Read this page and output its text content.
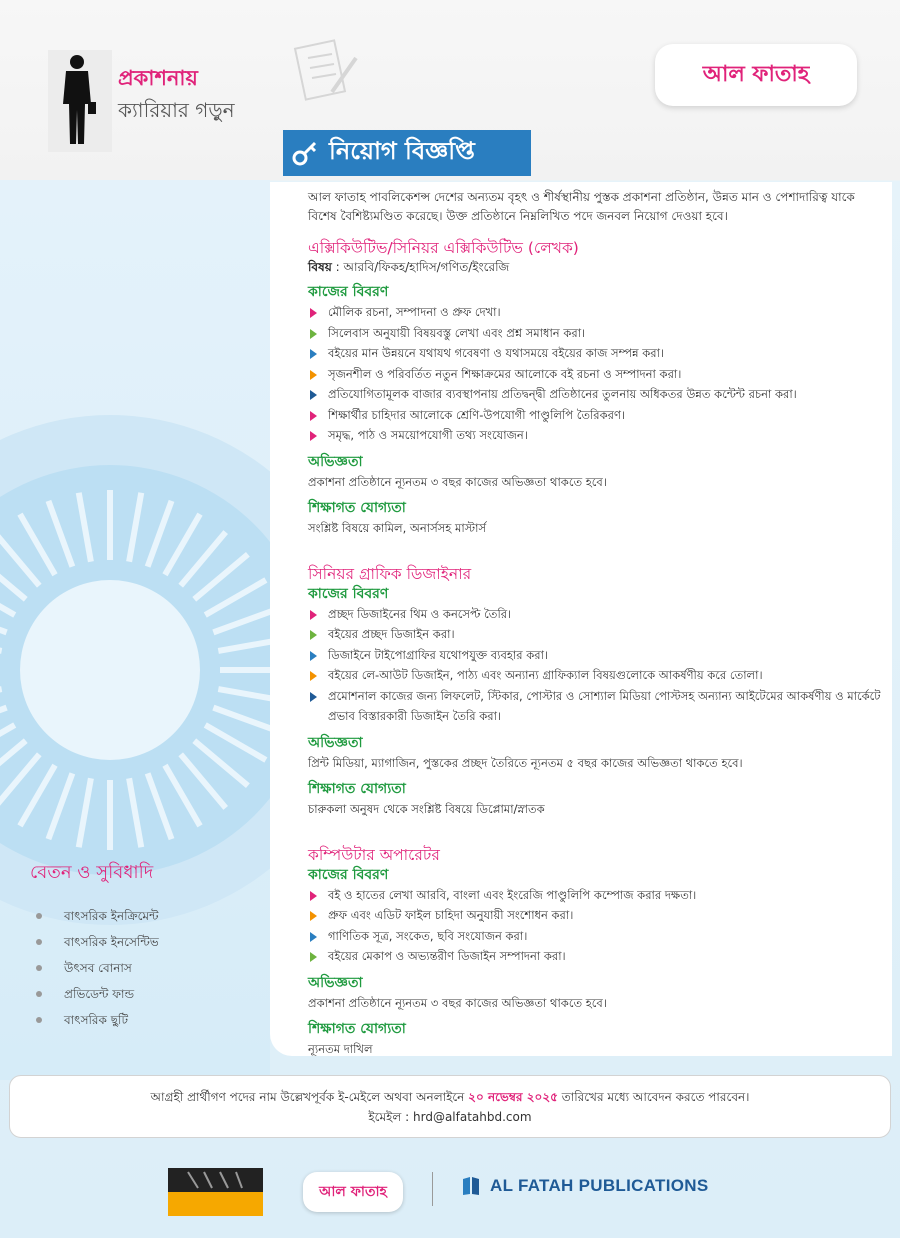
প্রকাশনায়
ক্যারিয়ার গড়ুন
আল ফাতাহ
নিয়োগ বিজ্ঞপ্তি

আল ফাতাহ পাবলিকেশন্স দেশের অন্যতম বৃহৎ ও শীর্ষস্থানীয় পুস্তক প্রকাশনা প্রতিষ্ঠান, উন্নত মান ও পেশাদারিত্ব যাকে বিশেষ বৈশিষ্ট্যমণ্ডিত করেছে। উক্ত প্রতিষ্ঠানে নিম্নলিখিত পদে জনবল নিয়োগ দেওয়া হবে।

এক্সিকিউটিভ/সিনিয়র এক্সিকিউটিভ (লেখক)
বিষয় : আরবি/ফিকহ/হাদিস/গণিত/ইংরেজি
কাজের বিবরণ
মৌলিক রচনা, সম্পাদনা ও প্রুফ দেখা।
সিলেবাস অনুযায়ী বিষয়বস্তু লেখা এবং প্রশ্ন সমাধান করা।
বইয়ের মান উন্নয়নে যথাযথ গবেষণা ও যথাসময়ে বইয়ের কাজ সম্পন্ন করা।
সৃজনশীল ও পরিবর্তিত নতুন শিক্ষাক্রমের আলোকে বই রচনা ও সম্পাদনা করা।
প্রতিযোগিতামূলক বাজার ব্যবস্থাপনায় প্রতিদ্বন্দ্বী প্রতিষ্ঠানের তুলনায় অধিকতর উন্নত কন্টেন্ট রচনা করা।
শিক্ষার্থীর চাহিদার আলোকে শ্রেণি-উপযোগী পাণ্ডুলিপি তৈরিকরণ।
সমৃদ্ধ, পাঠ ও সময়োপযোগী তথ্য সংযোজন।
অভিজ্ঞতা

প্রকাশনা প্রতিষ্ঠানে ন্যূনতম ৩ বছর কাজের অভিজ্ঞতা থাকতে হবে।

শিক্ষাগত যোগ্যতা

সংশ্লিষ্ট বিষয়ে কামিল, অনার্সসহ মাস্টার্স

সিনিয়র গ্রাফিক ডিজাইনার
কাজের বিবরণ
প্রচ্ছদ ডিজাইনের থিম ও কনসেপ্ট তৈরি।
বইয়ের প্রচ্ছদ ডিজাইন করা।
ডিজাইনে টাইপোগ্রাফির যথোপযুক্ত ব্যবহার করা।
বইয়ের লে-আউট ডিজাইন, পাঠ্য এবং অন্যান্য গ্রাফিক্যাল বিষয়গুলোকে আকর্ষণীয় করে তোলা।
প্রমোশনাল কাজের জন্য লিফলেট, স্টিকার, পোস্টার ও সোশ্যাল মিডিয়া পোস্টসহ অন্যান্য আইটেমের আকর্ষণীয় ও মার্কেটে প্রভাব বিস্তারকারী ডিজাইন তৈরি করা।
অভিজ্ঞতা

প্রিন্ট মিডিয়া, ম্যাগাজিন, পুস্তকের প্রচ্ছদ তৈরিতে ন্যূনতম ৫ বছর কাজের অভিজ্ঞতা থাকতে হবে।

শিক্ষাগত যোগ্যতা

চারুকলা অনুষদ থেকে সংশ্লিষ্ট বিষয়ে ডিপ্লোমা/স্নাতক

কম্পিউটার অপারেটর
কাজের বিবরণ
বই ও হাতের লেখা আরবি, বাংলা এবং ইংরেজি পাণ্ডুলিপি কম্পোজ করার দক্ষতা।
প্রুফ এবং এডিট ফাইল চাহিদা অনুযায়ী সংশোধন করা।
গাণিতিক সূত্র, সংকেত, ছবি সংযোজন করা।
বইয়ের মেকাপ ও অভ্যন্তরীণ ডিজাইন সম্পাদনা করা।
অভিজ্ঞতা

প্রকাশনা প্রতিষ্ঠানে ন্যূনতম ৩ বছর কাজের অভিজ্ঞতা থাকতে হবে।

শিক্ষাগত যোগ্যতা

ন্যূনতম দাখিল

বেতন ও সুবিধাদি
বাৎসরিক ইনক্রিমেন্ট
বাৎসরিক ইনসেন্টিভ
উৎসব বোনাস
প্রভিডেন্ট ফান্ড
বাৎসরিক ছুটি
আগ্রহী প্রার্থীগণ পদের নাম উল্লেখপূর্বক ই-মেইলে অথবা অনলাইনে ২০ নভেম্বর ২০২৫ তারিখের মধ্যে আবেদন করতে পারবেন।
ইমেইল : hrd@alfatahbd.com
আল ফাতাহ	AL FATAH PUBLICATIONS
